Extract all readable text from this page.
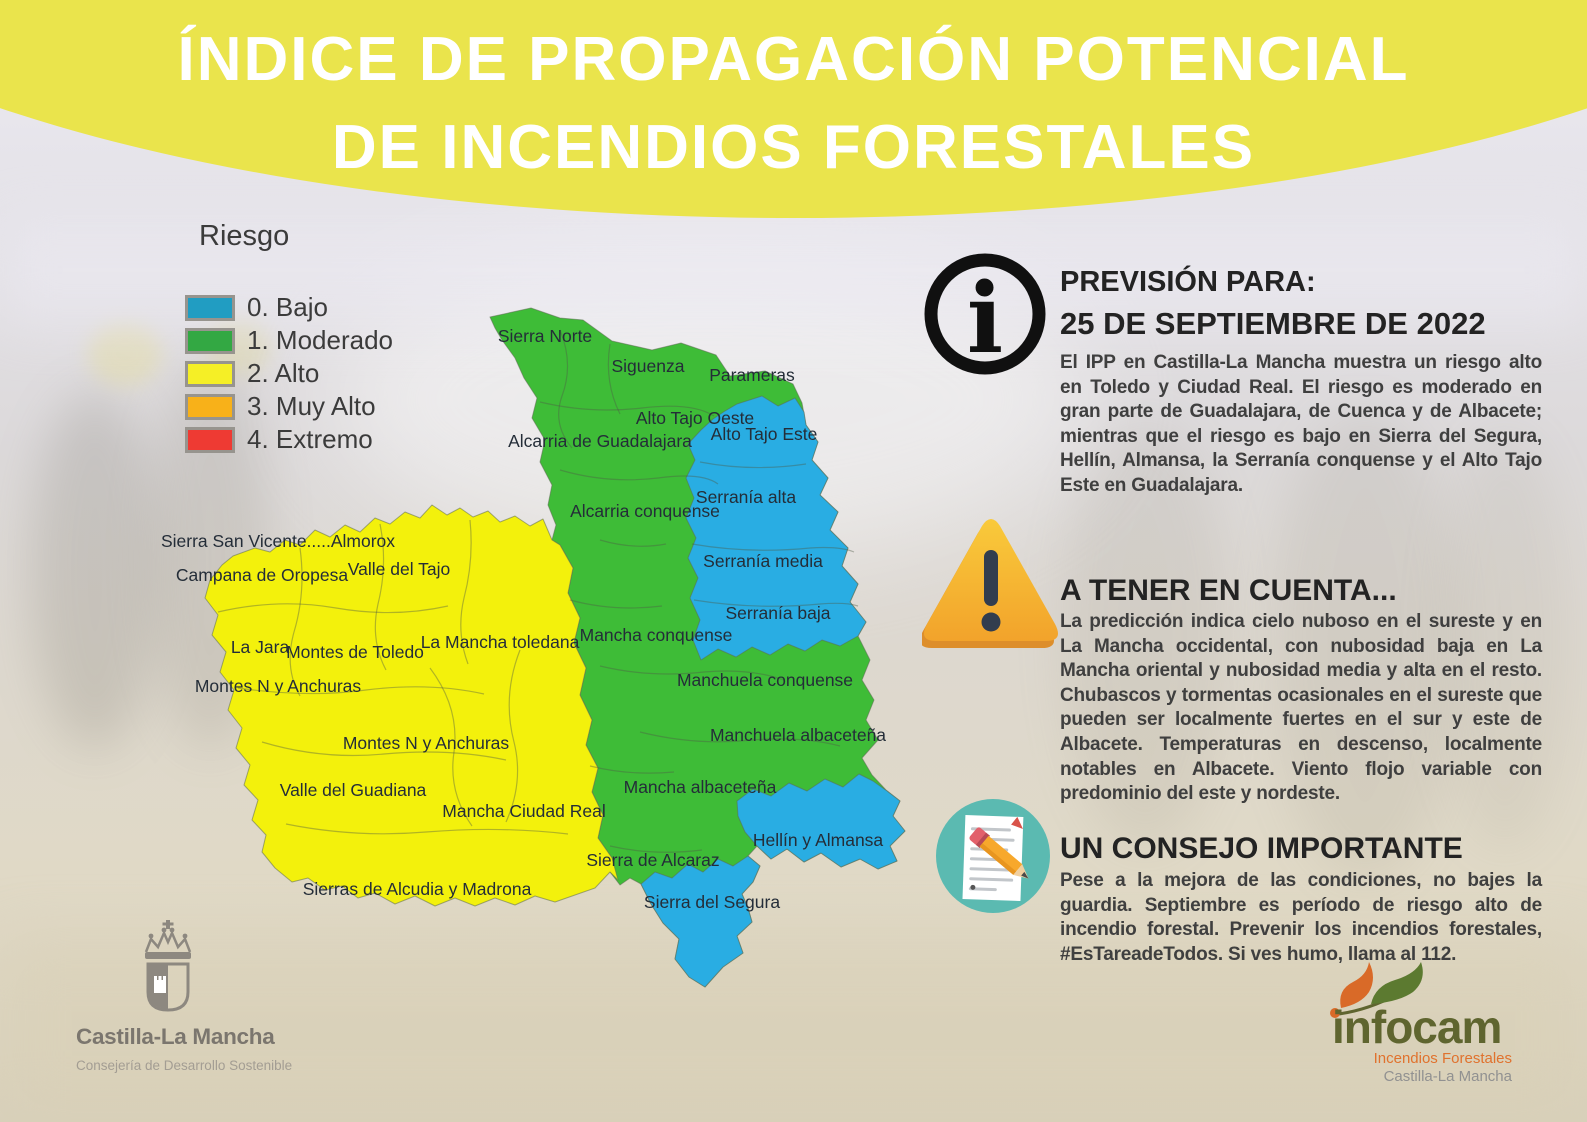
ÍNDICE DE PROPAGACIÓN POTENCIAL
DE INCENDIOS FORESTALES
Riesgo
0. Bajo
1. Moderado
2. Alto
3. Muy Alto
4. Extremo
Sierra Norte
Siguenza Parameras
Alto Tajo Oeste
Alto Tajo Este
Alcarria de Guadalajara
Serranía alta
Alcarria conquense
Serranía media
Serranía baja
Mancha conquense
Manchuela conquense
Manchuela albaceteña
Mancha albaceteña
Sierra de Alcaraz
Hellín y Almansa
Sierra del Segura
Sierra San Vicente.....Almorox
Campana de Oropesa Valle del Tajo
La Jara
Montes de Toledo
La Mancha toledana
Montes N y Anchuras
Montes N y Anchuras
Valle del Guadiana
Mancha Ciudad Real
Sierras de Alcudia y Madrona
i PREVISIÓN PARA:
25 DE SEPTIEMBRE DE 2022
El IPP en Castilla-La Mancha muestra un riesgo alto en Toledo y Ciudad Real. El riesgo es moderado en gran parte de Guadalajara, de Cuenca y de Albacete; mientras que el riesgo es bajo en Sierra del Segura, Hellín, Almansa, la Serranía conquense y el Alto Tajo Este en Guadalajara.
A TENER EN CUENTA...
La predicción indica cielo nuboso en el sureste y en La Mancha occidental, con nubosidad baja en La Mancha oriental y nubosidad media y alta en el resto. Chubascos y tormentas ocasionales en el sureste que pueden ser localmente fuertes en el sur y este de Albacete. Temperaturas en descenso, localmente notables en Albacete. Viento flojo variable con predominio del este y nordeste.
UN CONSEJO IMPORTANTE
Pese a la mejora de las condiciones, no bajes la guardia. Septiembre es período de riesgo alto de incendio forestal. Prevenir los incendios forestales, #EsTareadeTodos. Si ves humo, llama al 112.
Castilla-La Mancha
Consejería de Desarrollo Sostenible
infocam
Incendios Forestales
Castilla-La Mancha
